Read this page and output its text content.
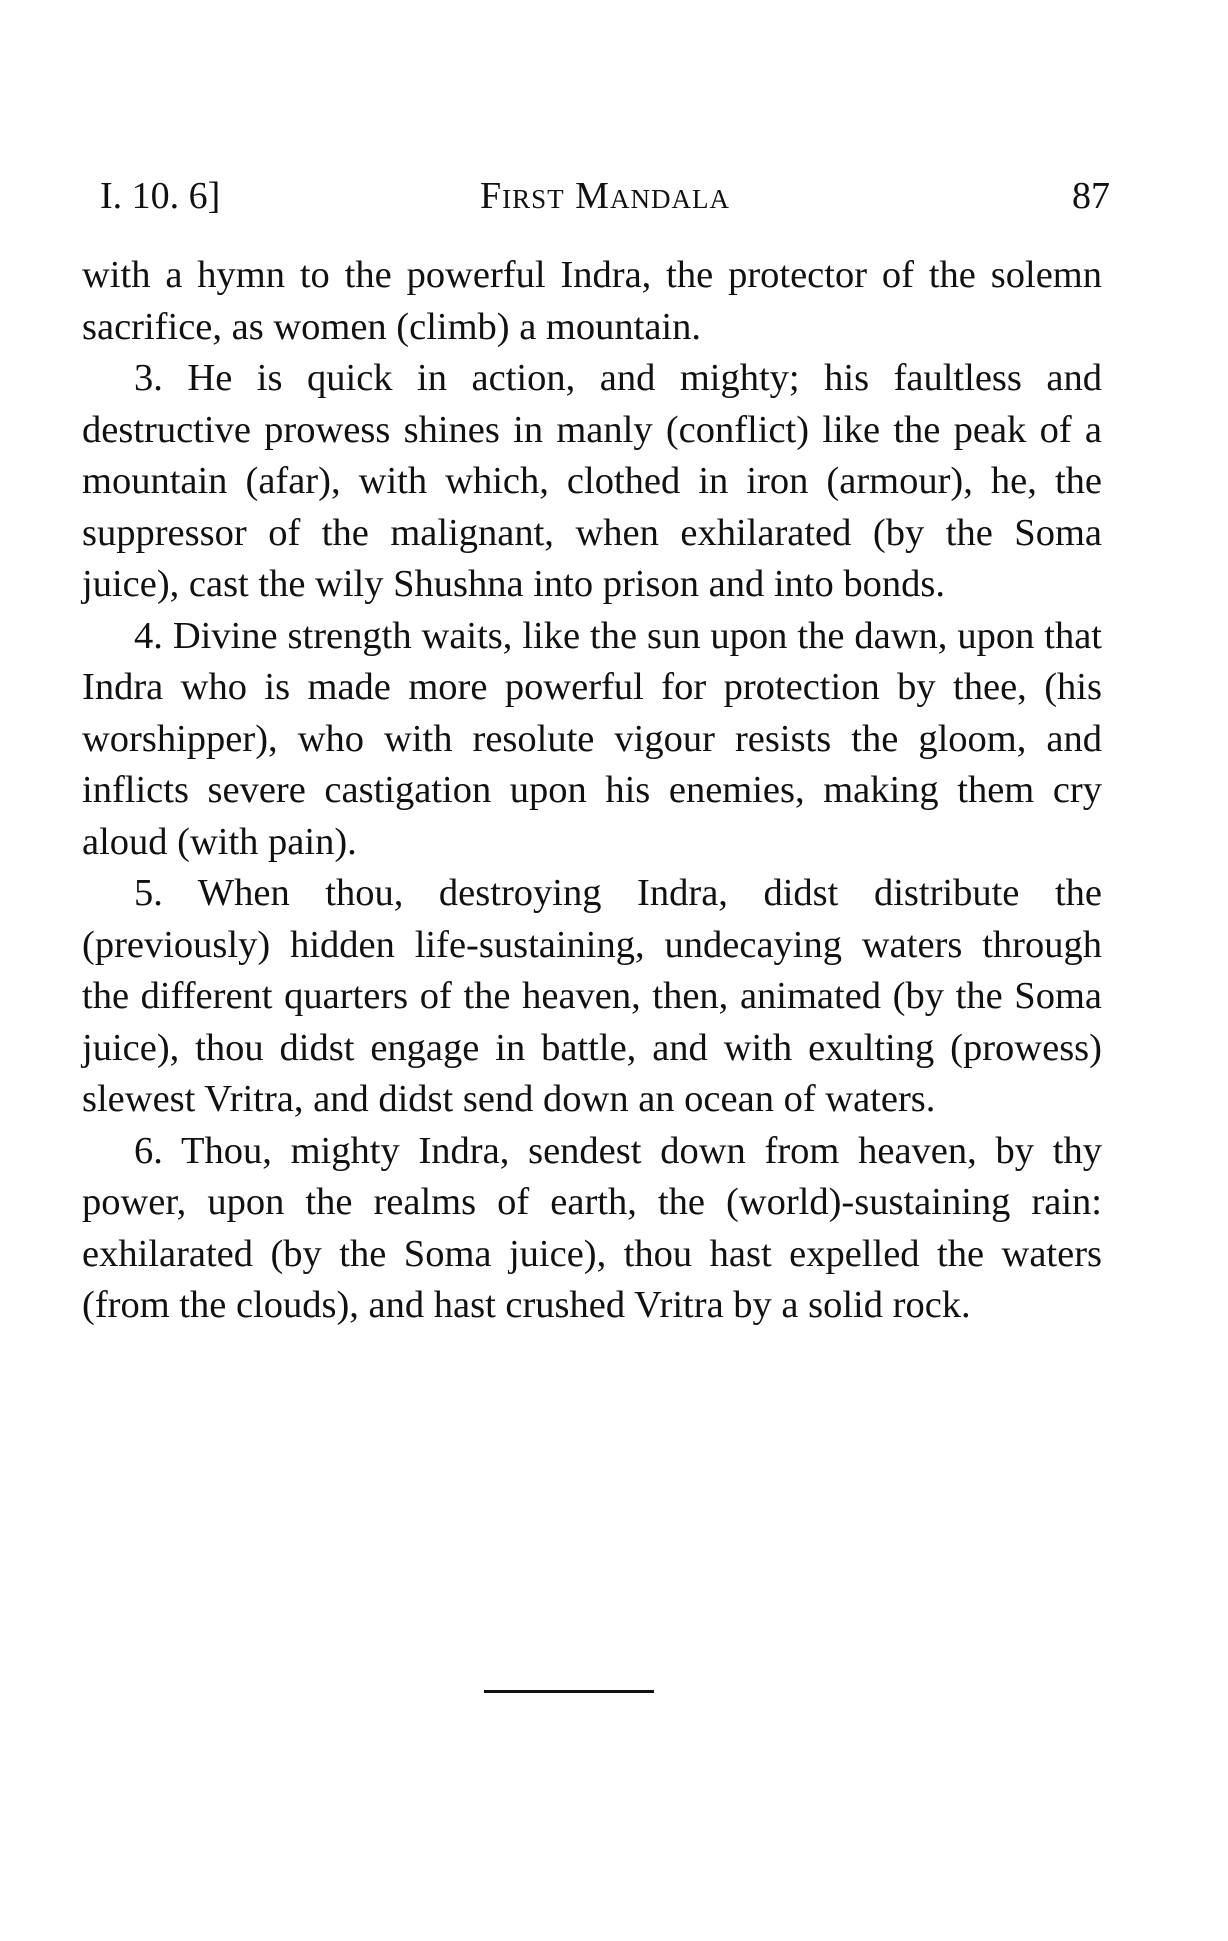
I. 10. 6]	First Mandala	87

with a hymn to the powerful Indra, the protector of the solemn sacrifice, as women (climb) a mountain.

3. He is quick in action, and mighty; his faultless and destructive prowess shines in manly (conflict) like the peak of a mountain (afar), with which, clothed in iron (armour), he, the suppressor of the malignant, when exhilarated (by the Soma juice), cast the wily Shushna into prison and into bonds.

4. Divine strength waits, like the sun upon the dawn, upon that Indra who is made more powerful for protection by thee, (his worshipper), who with resolute vigour resists the gloom, and inflicts severe castigation upon his enemies, making them cry aloud (with pain).

5. When thou, destroying Indra, didst distribute the (previously) hidden life-sustaining, undecaying waters through the different quarters of the heaven, then, animated (by the Soma juice), thou didst engage in battle, and with exulting (prowess) slewest Vritra, and didst send down an ocean of waters.

6. Thou, mighty Indra, sendest down from heaven, by thy power, upon the realms of earth, the (world)-sustaining rain: exhilarated (by the Soma juice), thou hast expelled the waters (from the clouds), and hast crushed Vritra by a solid rock.
